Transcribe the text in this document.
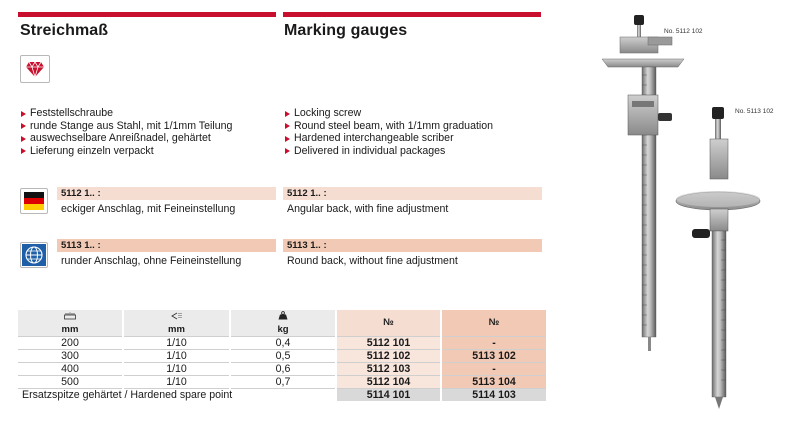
Streichmaß	Marking gauges
Feststellschraube
runde Stange aus Stahl, mit 1/1mm Teilung
auswechselbare Anreißnadel, gehärtet
Lieferung einzeln verpackt
Locking screw
Round steel beam, with 1/1mm graduation
Hardened interchangeable scriber
Delivered in individual packages
5112 1.. :	5112 1.. :
eckiger Anschlag, mit Feineinstellung	Angular back, with fine adjustment
5113 1.. :	5113 1.. :
runder Anschlag, ohne Feineinstellung	Round back, without fine adjustment
			№	№
mm	mm	kg		
200	1/10	0,4	5112 101	-
300	1/10	0,5	5112 102	5113 102
400	1/10	0,6	5112 103	-
500	1/10	0,7	5112 104	5113 104
Ersatzspitze gehärtet / Hardened spare point			5114 101	5114 103
No. 5112 102
No. 5113 102
